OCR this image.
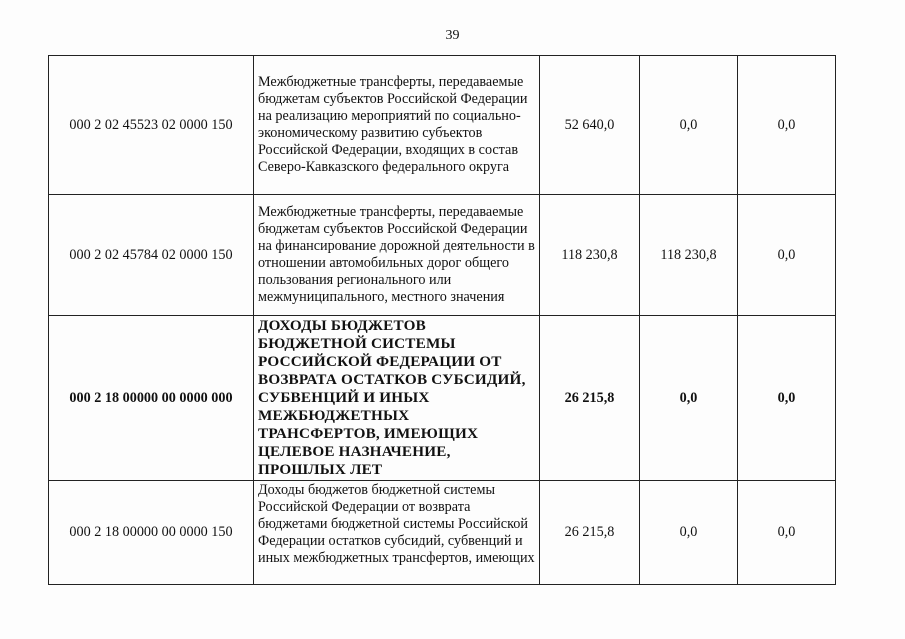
39
000 2 02 45523 02 0000 150	Межбюджетные трансферты, передаваемые бюджетам субъектов Российской Федерации на реализацию мероприятий по социально-экономическому развитию субъектов Российской Федерации, входящих в состав Северо-Кавказского федерального округа	52 640,0	0,0	0,0
000 2 02 45784 02 0000 150	Межбюджетные трансферты, передаваемые бюджетам субъектов Российской Федерации на финансирование дорожной деятельности в отношении автомобильных дорог общего пользования регионального или межмуниципального, местного значения	118 230,8	118 230,8	0,0
000 2 18 00000 00 0000 000	ДОХОДЫ БЮДЖЕТОВ БЮДЖЕТНОЙ СИСТЕМЫ РОССИЙСКОЙ ФЕДЕРАЦИИ ОТ ВОЗВРАТА ОСТАТКОВ СУБСИДИЙ, СУБВЕНЦИЙ И ИНЫХ МЕЖБЮДЖЕТНЫХ ТРАНСФЕРТОВ, ИМЕЮЩИХ ЦЕЛЕВОЕ НАЗНАЧЕНИЕ, ПРОШЛЫХ ЛЕТ	26 215,8	0,0	0,0
000 2 18 00000 00 0000 150	Доходы бюджетов бюджетной системы Российской Федерации от возврата бюджетами бюджетной системы Российской Федерации остатков субсидий, субвенций и иных межбюджетных трансфертов, имеющих	26 215,8	0,0	0,0
